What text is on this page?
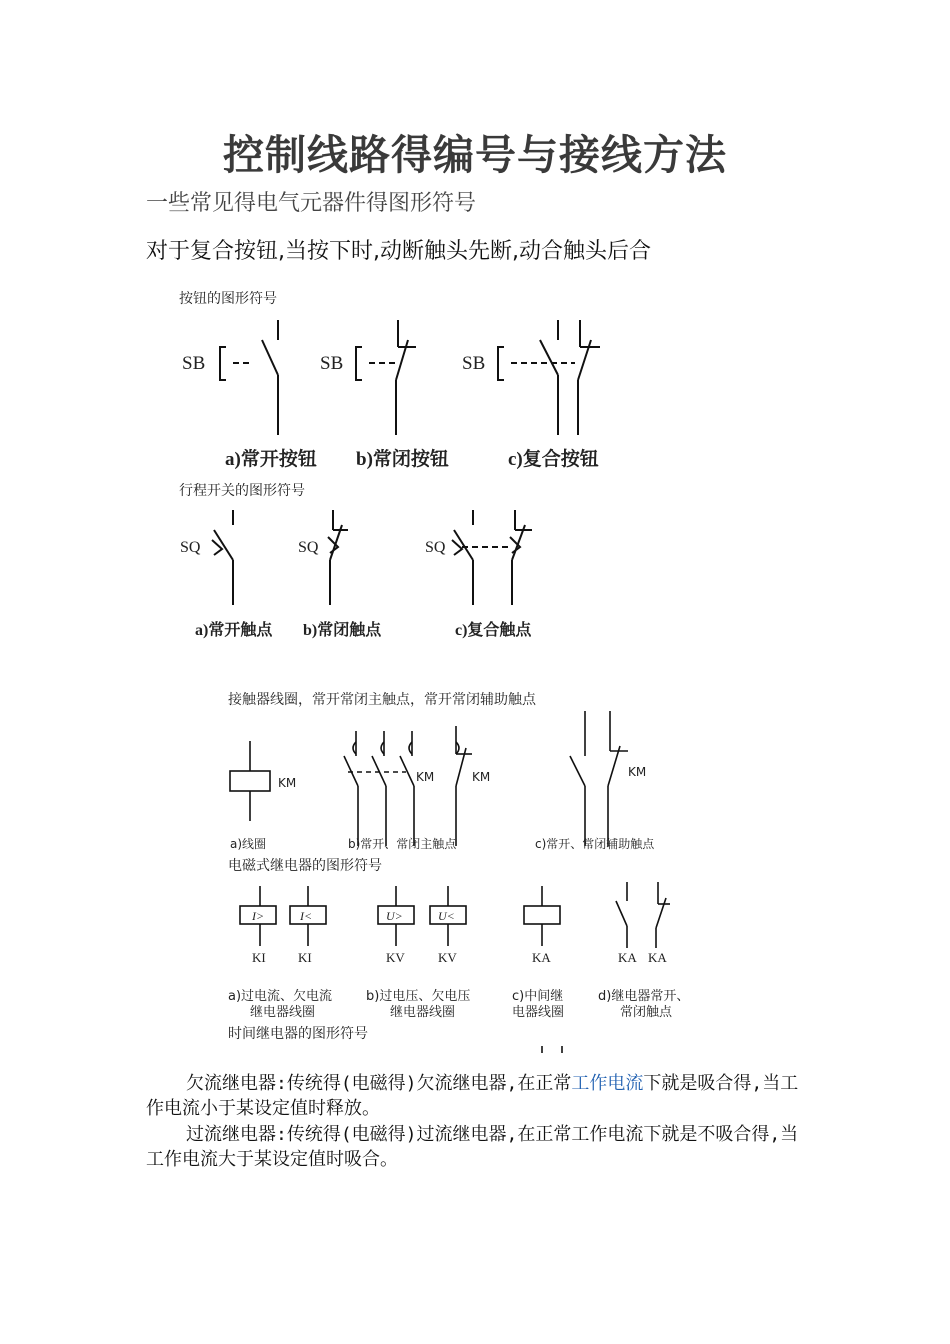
控制线路得编号与接线方法
一些常见得电气元器件得图形符号
对于复合按钮,当按下时,动断触头先断,动合触头后合
按钮的图形符号
SB	SB	SB
a)常开按钮 b)常闭按钮	c)复合按钮
行程开关的图形符号
SQ	SQ	SQ
a)常开触点 b)常闭触点	c)复合触点
接触器线圈，常开常闭主触点，常开常闭辅助触点
KM	KM	KM	KM
a)线圈	b)常开、常闭主触点	c)常开、常闭辅助触点
电磁式继电器的图形符号
I>	I<	U>	U<
KI KI	KV	KV	KA	KA KA
a)过电流、欠电流	b)过电压、欠电压	c)中间继	d)继电器常开、
继电器线圈	继电器线圈	电器线圈	常闭触点
时间继电器的图形符号
欠流继电器:传统得(电磁得)欠流继电器,在正常工作电流下就是吸合得,当工作电流小于某设定值时释放。
过流继电器:传统得(电磁得)过流继电器,在正常工作电流下就是不吸合得,当工作电流大于某设定值时吸合。
